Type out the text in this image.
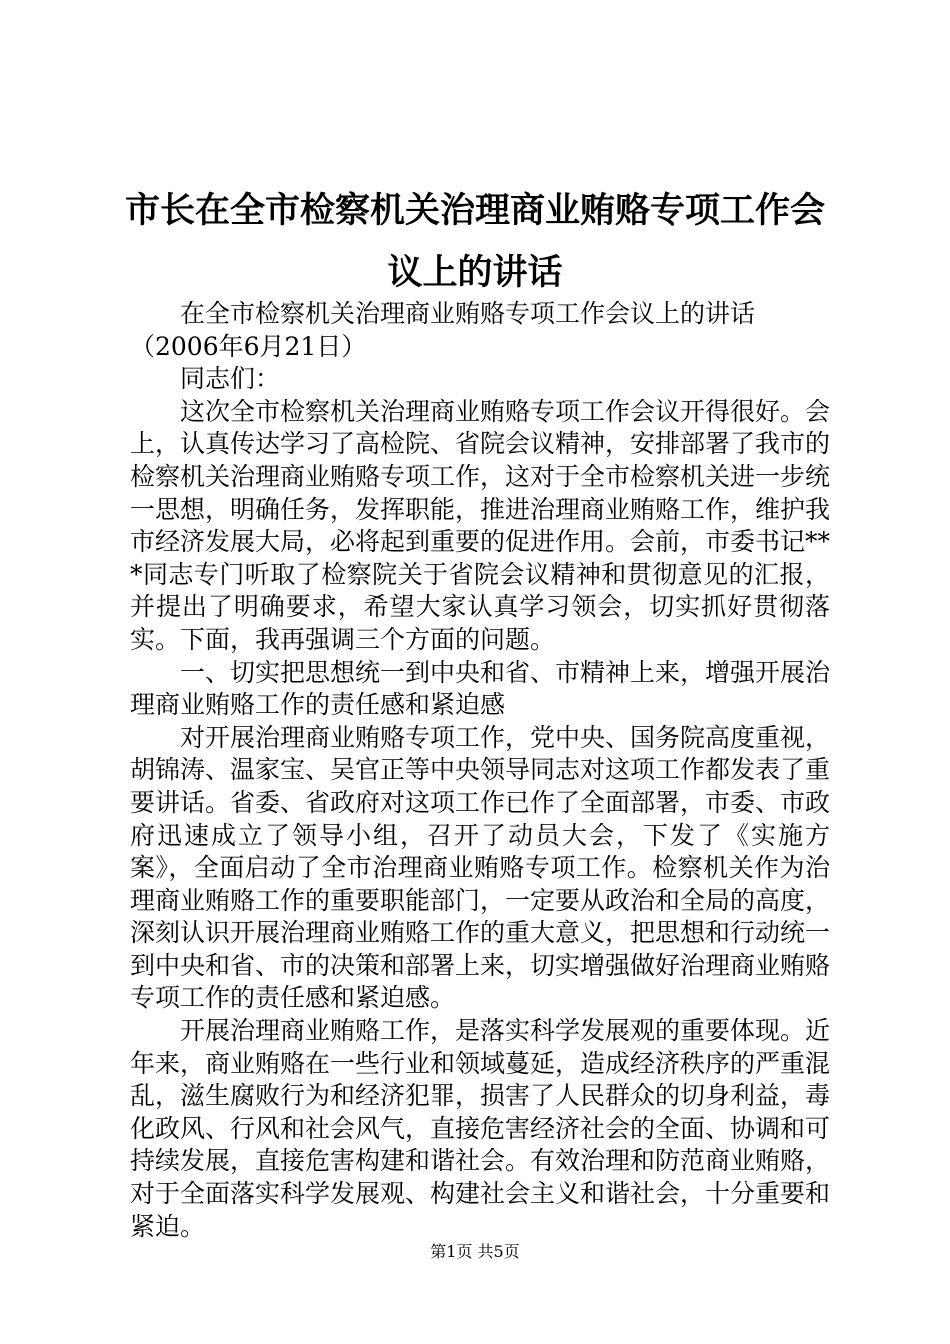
市长在全市检察机关治理商业贿赂专项工作会
议上的讲话

在全市检察机关治理商业贿赂专项工作会议上的讲话

（2006年6月21日）

同志们：

这次全市检察机关治理商业贿赂专项工作会议开得很好。会上，认真传达学习了高检院、省院会议精神，安排部署了我市的检察机关治理商业贿赂专项工作，这对于全市检察机关进一步统一思想，明确任务，发挥职能，推进治理商业贿赂工作，维护我市经济发展大局，必将起到重要的促进作用。会前，市委书记***同志专门听取了检察院关于省院会议精神和贯彻意见的汇报，并提出了明确要求，希望大家认真学习领会，切实抓好贯彻落实。下面，我再强调三个方面的问题。

一、切实把思想统一到中央和省、市精神上来，增强开展治理商业贿赂工作的责任感和紧迫感

对开展治理商业贿赂专项工作，党中央、国务院高度重视，胡锦涛、温家宝、吴官正等中央领导同志对这项工作都发表了重要讲话。省委、省政府对这项工作已作了全面部署，市委、市政府迅速成立了领导小组，召开了动员大会，下发了《实施方案》，全面启动了全市治理商业贿赂专项工作。检察机关作为治理商业贿赂工作的重要职能部门，一定要从政治和全局的高度，深刻认识开展治理商业贿赂工作的重大意义，把思想和行动统一到中央和省、市的决策和部署上来，切实增强做好治理商业贿赂专项工作的责任感和紧迫感。

开展治理商业贿赂工作，是落实科学发展观的重要体现。近年来，商业贿赂在一些行业和领域蔓延，造成经济秩序的严重混乱，滋生腐败行为和经济犯罪，损害了人民群众的切身利益，毒化政风、行风和社会风气，直接危害经济社会的全面、协调和可持续发展，直接危害构建和谐社会。有效治理和防范商业贿赂，对于全面落实科学发展观、构建社会主义和谐社会，十分重要和紧迫。

第1页 共5页
